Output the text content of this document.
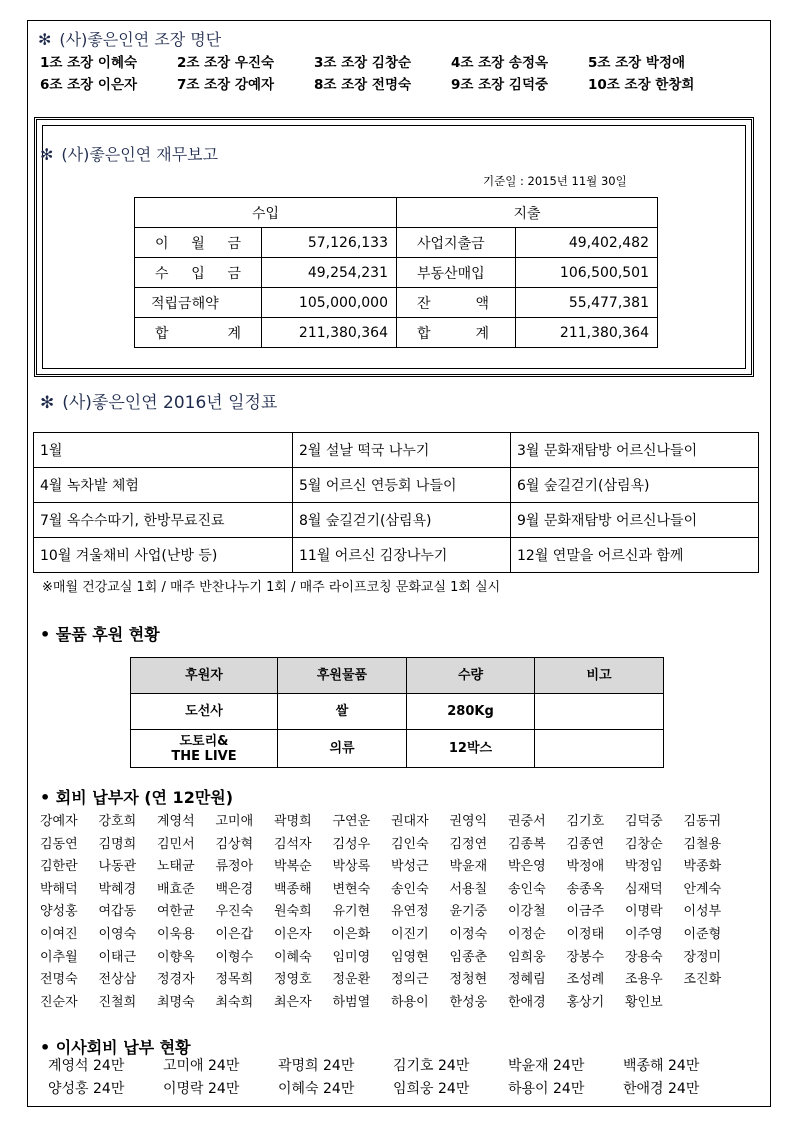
✻ (사)좋은인연 조장 명단
1조 조장 이혜숙	2조 조장 우진숙	3조 조장 김창순	4조 조장 송정옥	5조 조장 박정애
6조 조장 이은자	7조 조장 강예자	8조 조장 전명숙	9조 조장 김덕중	10조 조장 한창희
✻ (사)좋은인연 재무보고
기준일 : 2015년 11월 30일
수입		지출	
이 월 금	57,126,133	사업지출금	49,402,482
수 입 금	49,254,231	부동산매입	106,500,501
적립금해약	105,000,000	잔 액	55,477,381
합 계	211,380,364	합 계	211,380,364
✻ (사)좋은인연 2016년 일정표
1월	2월 설날 떡국 나누기	3월 문화재탐방 어르신나들이
4월 녹차밭 체험	5월 어르신 연등회 나들이	6월 숲길걷기(삼림욕)
7월 옥수수따기, 한방무료진료	8월 숲길걷기(삼림욕)	9월 문화재탐방 어르신나들이
10월 겨울채비 사업(난방 등)	11월 어르신 김장나누기	12월 연말을 어르신과 함께
※매월 건강교실 1회 / 매주 반찬나누기 1회 / 매주 라이프코칭 문화교실 1회 실시
• 물품 후원 현황
후원자	후원물품	수량	비고
도선사	쌀	280Kg	

도토리&
THE LIVE	의류	12박스	
• 회비 납부자 (연 12만원)
강예자 강호희 계영석 고미애 곽명희 구연운 권대자 권영익 권중서 김기호 김덕중 김동귀
김동연 김명희 김민서 김상혁 김석자 김성우 김인숙 김정연 김종복 김종연 김창순 김철용
김한란 나동관 노태균 류정아 박복순 박상록 박성근 박윤재 박은영 박정애 박정임 박종화
박해덕 박혜경 배효준 백은경 백종해 변현숙 송인숙 서용칠 송인숙 송종옥 심재덕 안계숙
양성홍 여갑동 여한균 우진숙 원숙희 유기현 유연정 윤기중 이강철 이금주 이명락 이성부
이여진 이영숙 이욱용 이은갑 이은자 이은화 이진기 이정숙 이정순 이정태 이주영 이준형
이추월 이태근 이향옥 이형수 이혜숙 임미영 임영현 임종춘 임희웅 장봉수 장용숙 장정미
전명숙 전상삼 정경자 정목희 정영호 정운환 정의근 정청현 정혜림 조성례 조용우 조진화
진순자 진철희 최명숙 최숙희 최은자 하범열 하용이 한성웅 한애경 홍상기 황인보
• 이사회비 납부 현황
계영석 24만	고미애 24만	곽명희 24만	김기호 24만	박윤재 24만	백종해 24만
양성홍 24만	이명락 24만	이혜숙 24만	임희웅 24만	하용이 24만	한애경 24만
